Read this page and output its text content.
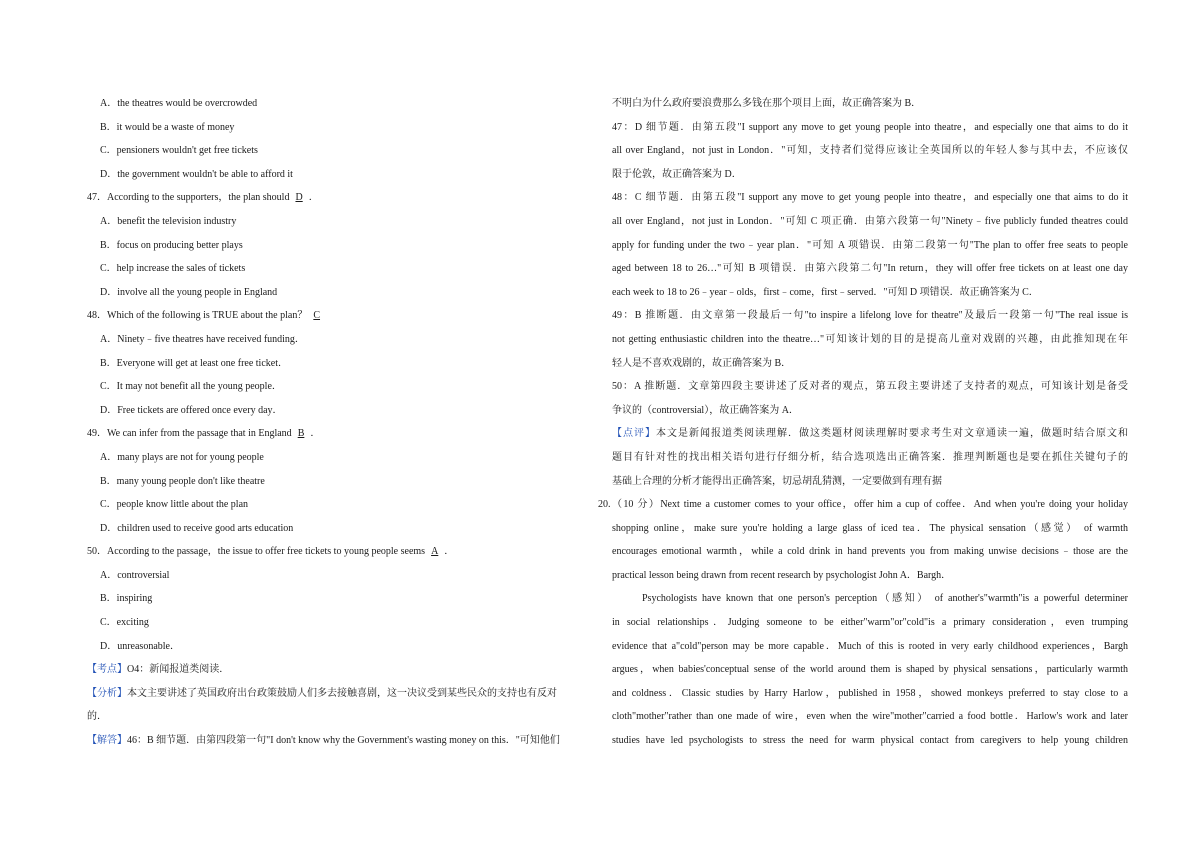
A．the theatres would be overcrowded
B．it would be a waste of money
C．pensioners wouldn't get free tickets
D．the government wouldn't be able to afford it
47．According to the supporters，the plan should D ．
A．benefit the television industry
B．focus on producing better plays
C．help increase the sales of tickets
D．involve all the young people in England
48．Which of the following is TRUE about the plan？ C
A．Ninety﹣five theatres have received funding．
B．Everyone will get at least one free ticket．
C．It may not benefit all the young people．
D．Free tickets are offered once every day．
49．We can infer from the passage that in England B ．
A．many plays are not for young people
B．many young people don't like theatre
C．people know little about the plan
D．children used to receive good arts education
50．According to the passage，the issue to offer free tickets to young people seems A ．
A．controversial
B．inspiring
C．exciting
D．unreasonable．
【考点】O4：新闻报道类阅读．
【分析】本文主要讲述了英国政府出台政策鼓励人们多去接触喜剧，这一决议受到某些民众的支持也有反对
的．
【解答】46：B 细节题．由第四段第一句"I don't know why the Government's wasting money on this．"可知他们
不明白为什么政府要浪费那么多钱在那个项目上面，故正确答案为 B．
47：D 细节题．由第五段"I support any move to get young people into theatre，and especially one that aims to do it
all over England，not just in London．"可知，支持者们觉得应该让全英国所以的年轻人参与其中去，不应该仅
限于伦敦，故正确答案为 D．
48：C 细节题．由第五段"I support any move to get young people into theatre，and especially one that aims to do it
all over England，not just in London．"可知 C 项正确．由第六段第一句"Ninety﹣five publicly funded theatres could
apply for funding under the two﹣year plan．"可知 A 项错误．由第二段第一句"The plan to offer free seats to people
aged between 18 to 26…"可知 B 项错误．由第六段第二句"In return，they will offer free tickets on at least one day
each week to 18 to 26﹣year﹣olds，first﹣come，first﹣served．"可知 D 项错误．故正确答案为 C．
49：B 推断题．由文章第一段最后一句"to inspire a lifelong love for theatre"及最后一段第一句"The real issue is
not getting enthusiastic children into the theatre…"可知该计划的目的是提高儿童对戏剧的兴趣，由此推知现在年
轻人是不喜欢戏剧的，故正确答案为 B．
50：A 推断题．文章第四段主要讲述了反对者的观点，第五段主要讲述了支持者的观点，可知该计划是备受
争议的（controversial），故正确答案为 A．
【点评】本文是新闻报道类阅读理解．做这类题材阅读理解时要求考生对文章通读一遍，做题时结合原文和
题目有针对性的找出相关语句进行仔细分析，结合选项选出正确答案．推理判断题也是要在抓住关键句子的
基础上合理的分析才能得出正确答案，切忌胡乱猜测，一定要做到有理有据
20.（10 分）Next time a customer comes to your office，offer him a cup of coffee．And when you're doing your holiday
shopping online，make sure you're holding a large glass of iced tea．The physical sensation（感觉） of warmth
encourages emotional warmth，while a cold drink in hand prevents you from making unwise decisions﹣those are the
practical lesson being drawn from recent research by psychologist John A．Bargh．
Psychologists have known that one person's perception（感知） of another's"warmth"is a powerful determiner
in social relationships．Judging someone to be either"warm"or"cold"is a primary consideration，even trumping
evidence that a"cold"person may be more capable．Much of this is rooted in very early childhood experiences，Bargh
argues，when babies'conceptual sense of the world around them is shaped by physical sensations，particularly warmth
and coldness．Classic studies by Harry Harlow，published in 1958，showed monkeys preferred to stay close to a
cloth"mother"rather than one made of wire，even when the wire"mother"carried a food bottle．Harlow's work and later
studies have led psychologists to stress the need for warm physical contact from caregivers to help young children
